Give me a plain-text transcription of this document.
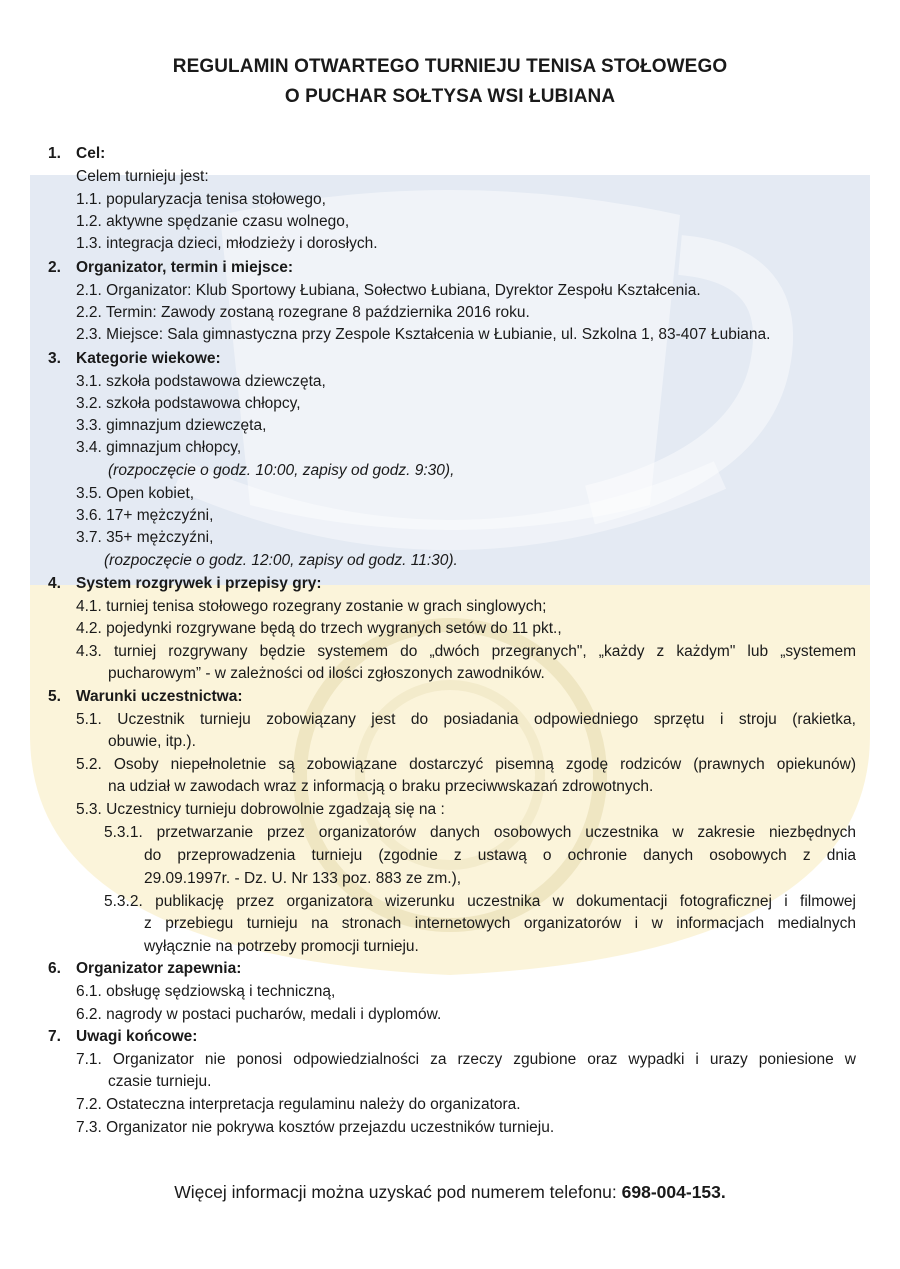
REGULAMIN OTWARTEGO TURNIEJU TENISA STOŁOWEGO
O PUCHAR SOŁTYSA WSI ŁUBIANA
1. Cel:
Celem turnieju jest:
1.1. popularyzacja tenisa stołowego,
1.2. aktywne spędzanie czasu wolnego,
1.3. integracja dzieci, młodzieży i dorosłych.
2. Organizator, termin i miejsce:
2.1. Organizator: Klub Sportowy Łubiana, Sołectwo Łubiana, Dyrektor Zespołu Kształcenia.
2.2. Termin: Zawody zostaną rozegrane 8 października 2016 roku.
2.3. Miejsce: Sala gimnastyczna przy Zespole Kształcenia w Łubianie, ul. Szkolna 1, 83-407 Łubiana.
3. Kategorie wiekowe:
3.1. szkoła podstawowa dziewczęta,
3.2. szkoła podstawowa chłopcy,
3.3. gimnazjum dziewczęta,
3.4. gimnazjum chłopcy,
(rozpoczęcie o godz. 10:00, zapisy od godz. 9:30),
3.5. Open kobiet,
3.6. 17+ mężczyźni,
3.7. 35+ mężczyźni,
(rozpoczęcie o godz. 12:00, zapisy od godz. 11:30).
4. System rozgrywek i przepisy gry:
4.1. turniej tenisa stołowego rozegrany zostanie w grach singlowych;
4.2. pojedynki rozgrywane będą do trzech wygranych setów do 11 pkt.,
4.3. turniej rozgrywany będzie systemem do „dwóch przegranych", „każdy z każdym" lub „systemem
pucharowym” - w zależności od ilości zgłoszonych zawodników.
5. Warunki uczestnictwa:
5.1. Uczestnik turnieju zobowiązany jest do posiadania odpowiedniego sprzętu i stroju (rakietka,
obuwie, itp.).
5.2. Osoby niepełnoletnie są zobowiązane dostarczyć pisemną zgodę rodziców (prawnych opiekunów)
na udział w zawodach wraz z informacją o braku przeciwwskazań zdrowotnych.
5.3. Uczestnicy turnieju dobrowolnie zgadzają się na :
5.3.1. przetwarzanie przez organizatorów danych osobowych uczestnika w zakresie niezbędnych
do przeprowadzenia turnieju (zgodnie z ustawą o ochronie danych osobowych z dnia
29.09.1997r. - Dz. U. Nr 133 poz. 883 ze zm.),
5.3.2. publikację przez organizatora wizerunku uczestnika w dokumentacji fotograficznej i filmowej
z przebiegu turnieju na stronach internetowych organizatorów i w informacjach medialnych
wyłącznie na potrzeby promocji turnieju.
6. Organizator zapewnia:
6.1. obsługę sędziowską i techniczną,
6.2. nagrody w postaci pucharów, medali i dyplomów.
7. Uwagi końcowe:
7.1. Organizator nie ponosi odpowiedzialności za rzeczy zgubione oraz wypadki i urazy poniesione w
czasie turnieju.
7.2. Ostateczna interpretacja regulaminu należy do organizatora.
7.3. Organizator nie pokrywa kosztów przejazdu uczestników turnieju.
Więcej informacji można uzyskać pod numerem telefonu: 698-004-153.
